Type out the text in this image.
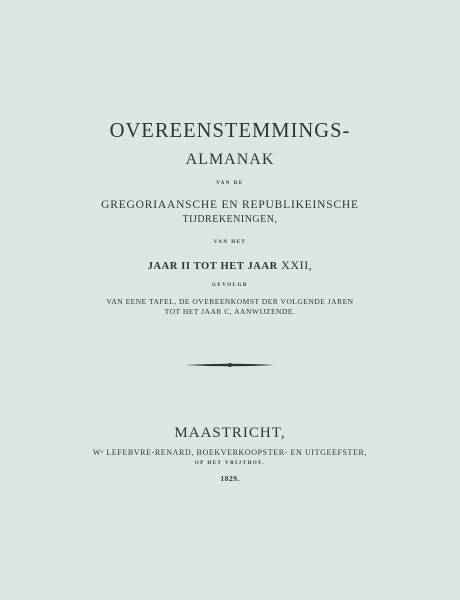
OVEREENSTEMMINGS-
ALMANAK
VAN DE
GREGORIAANSCHE EN REPUBLIKEINSCHE
TIJDREKENINGEN,
VAN HET
JAAR II TOT HET JAAR XXII,
GEVOLGD
VAN EENE TAFEL, DE OVEREENKOMST DER VOLGENDE JAREN
TOT HET JAAR C, AANWIJZENDE.
MAASTRICHT,
Wᵉ LEFEBVRE-RENARD, BOEKVERKOOPSTER- EN UITGEEFSTER,
OP HET VRIJTHOF.
1829.
